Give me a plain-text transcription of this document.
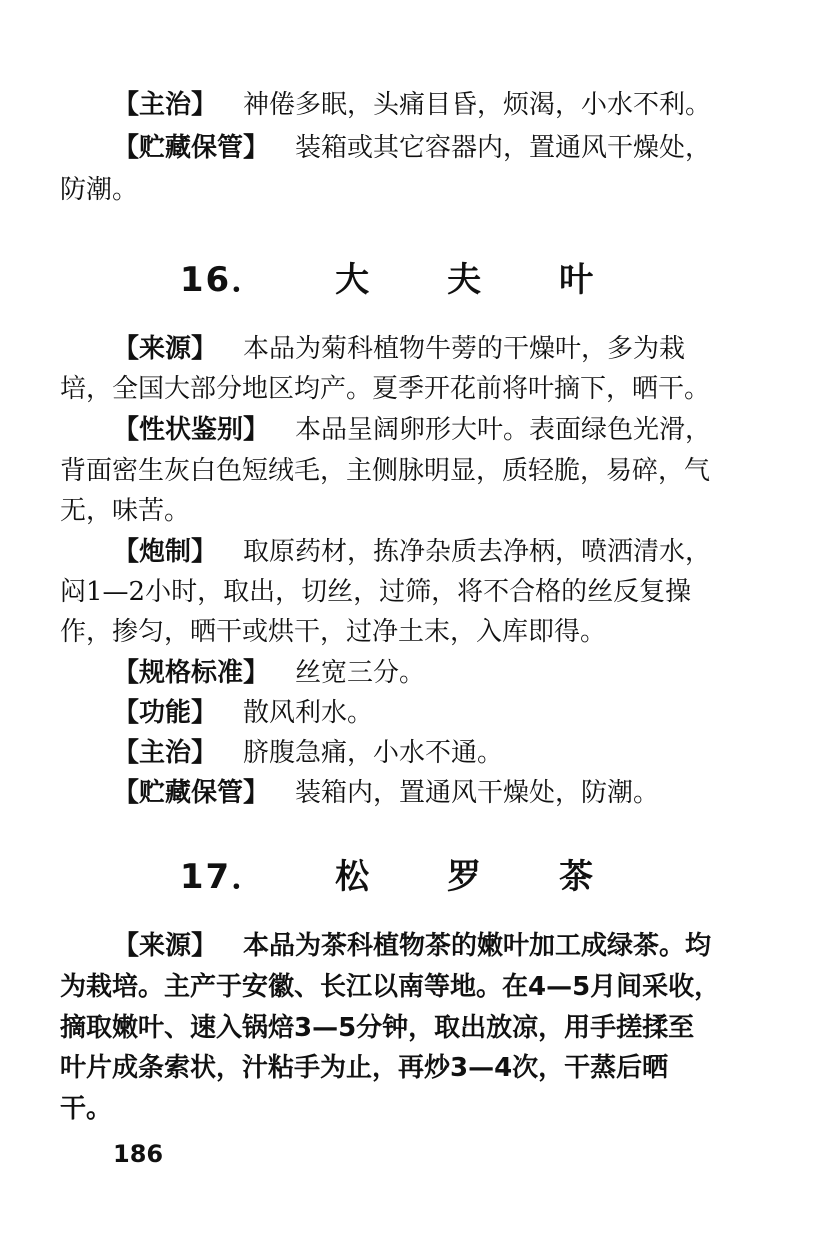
【主治】 神倦多眠，头痛目昏，烦渴，小水不利。
【贮藏保管】 装箱或其它容器内，置通风干燥处，
防潮。
16． 大 夫 叶
【来源】 本品为菊科植物牛蒡的干燥叶，多为栽
培，全国大部分地区均产。夏季开花前将叶摘下，晒干。
【性状鉴别】 本品呈阔卵形大叶。表面绿色光滑，
背面密生灰白色短绒毛，主侧脉明显，质轻脆，易碎，气
无，味苦。
【炮制】 取原药材，拣净杂质去净柄，喷洒清水，
闷1—2小时，取出，切丝，过筛，将不合格的丝反复操
作，掺匀，晒干或烘干，过净土末，入库即得。
【规格标准】 丝宽三分。
【功能】 散风利水。
【主治】 脐腹急痛，小水不通。
【贮藏保管】 装箱内，置通风干燥处，防潮。
17． 松 罗 茶
【来源】 本品为茶科植物茶的嫩叶加工成绿茶。均
为栽培。主产于安徽、长江以南等地。在4—5月间采收，
摘取嫩叶、速入锅焙3—5分钟，取出放凉，用手搓揉至
叶片成条索状，汁粘手为止，再炒3—4次，干蒸后晒
干。
186
